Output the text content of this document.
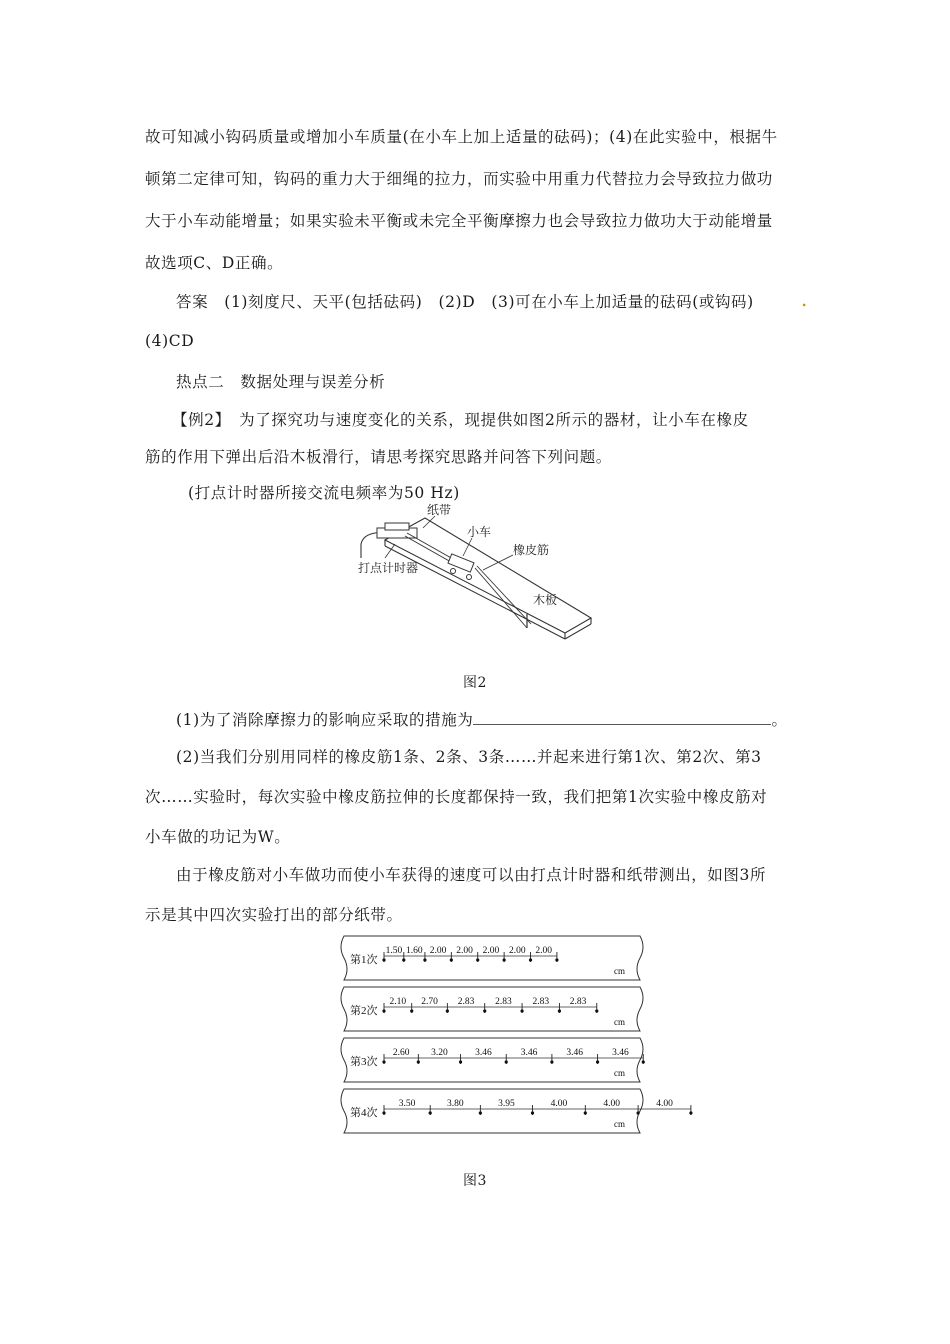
故可知减小钩码质量或增加小车质量(在小车上加上适量的砝码)；(4)在此实验中，根据牛
顿第二定律可知，钩码的重力大于细绳的拉力，而实验中用重力代替拉力会导致拉力做功
大于小车动能增量；如果实验未平衡或未完全平衡摩擦力也会导致拉力做功大于动能增量
故选项C、D正确。
答案　(1)刻度尺、天平(包括砝码)　(2)D　(3)可在小车上加适量的砝码(或钩码) .
(4)CD
热点二　数据处理与误差分析
【例2】　为了探究功与速度变化的关系，现提供如图2所示的器材，让小车在橡皮
筋的作用下弹出后沿木板滑行，请思考探究思路并问答下列问题。
(打点计时器所接交流电频率为50 Hz)
纸带
小车
橡皮筋
打点计时器
木板
图2
(1)为了消除摩擦力的影响应采取的措施为	。
(2)当我们分别用同样的橡皮筋1条、2条、3条……并起来进行第1次、第2次、第3
次……实验时，每次实验中橡皮筋拉伸的长度都保持一致，我们把第1次实验中橡皮筋对
小车做的功记为W。
由于橡皮筋对小车做功而使小车获得的速度可以由打点计时器和纸带测出，如图3所
示是其中四次实验打出的部分纸带。
第1次
1.50 1.60 2.00 2.00 2.00 2.00 2.00
cm
第2次
2.10 2.70 2.83 2.83 2.83 2.83
cm
第3次
2.60 3.20	3.46	3.46	3.46	3.46
cm
第4次
3.50	3.80	3.95	4.00	4.00	4.00
cm
图3
